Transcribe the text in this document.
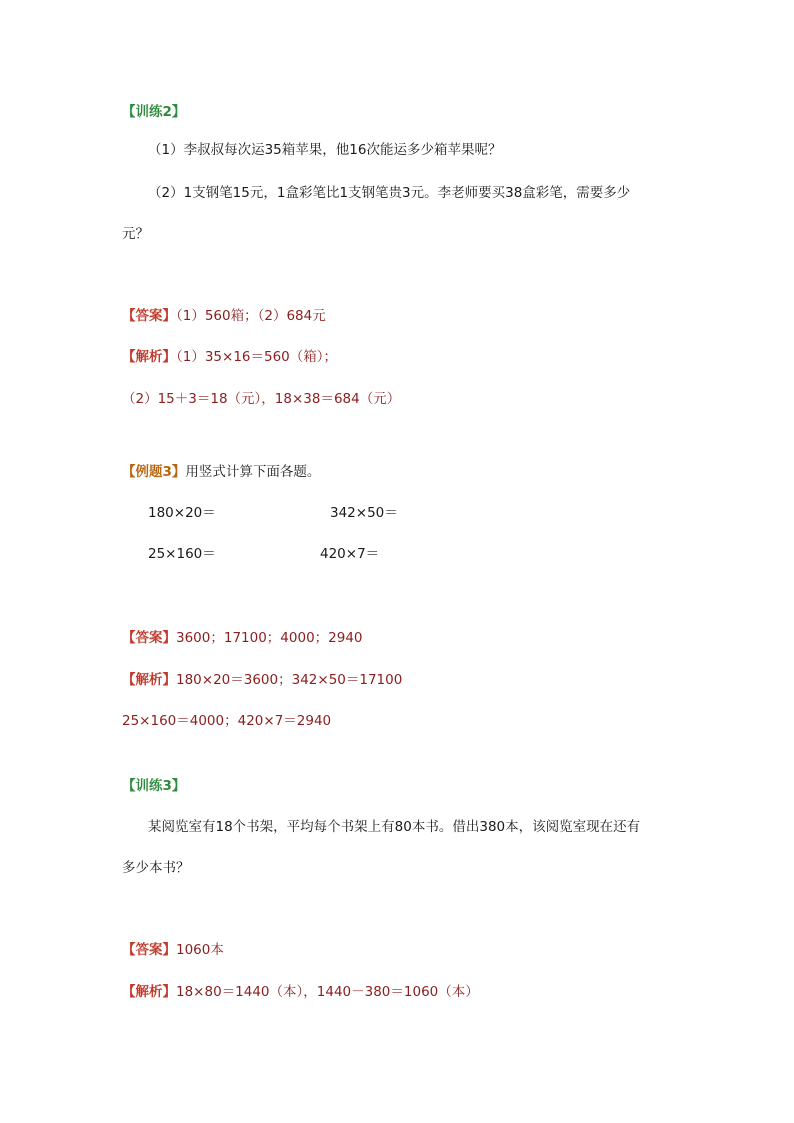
【训练2】
（1）李叔叔每次运35箱苹果，他16次能运多少箱苹果呢？
（2）1支钢笔15元，1盒彩笔比1支钢笔贵3元。李老师要买38盒彩笔，需要多少
元？
【答案】（1）560箱；（2）684元
【解析】（1）35×16＝560（箱）；
（2）15＋3＝18（元），18×38＝684（元）
【例题3】用竖式计算下面各题。
180×20＝	342×50＝
25×160＝	420×7＝
【答案】3600；17100；4000；2940
【解析】180×20＝3600；342×50＝17100
25×160＝4000；420×7＝2940
【训练3】
某阅览室有18个书架，平均每个书架上有80本书。借出380本，该阅览室现在还有
多少本书？
【答案】1060本
【解析】18×80＝1440（本），1440－380＝1060（本）
